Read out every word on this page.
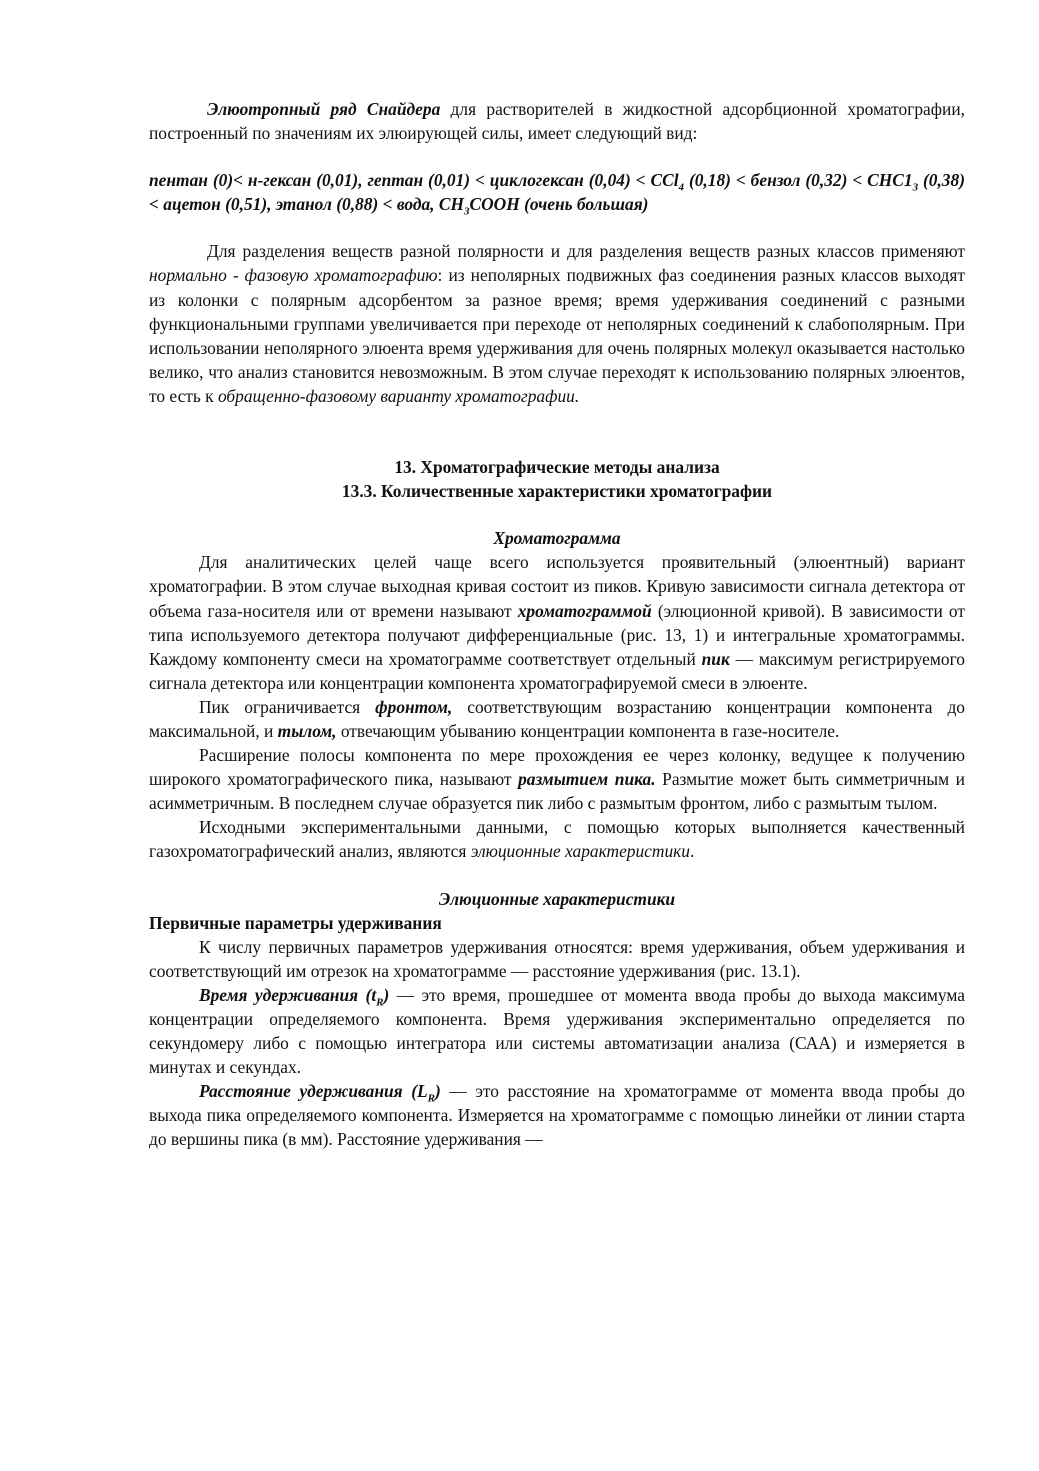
Элюотропный ряд Снайдера для растворителей в жидкостной адсорбционной хроматографии, построенный по значениям их элюирующей силы, имеет следующий вид:

пентан (0)< н-гексан (0,01), гептан (0,01) < циклогексан (0,04) < CCl$_4$ (0,18) < бензол $(0,32) < CHC1_3$ (0,38) < ацетон (0,51), этанол (0,88) < вода, $CH_3COOH$ (очень большая)

Для разделения веществ разной полярности и для разделения веществ разных классов применяют нормально - фазовую хроматографию: из неполярных подвижных фаз соединения разных классов выходят из колонки с полярным адсорбентом за разное время; время удерживания соединений с разными функциональными группами увеличивается при переходе от неполярных соединений к слабополярным. При использовании неполярного элюента время удерживания для очень полярных молекул оказывается настолько велико, что анализ становится невозможным. В этом случае переходят к использованию полярных элюентов, то есть к обращенно-фазовому варианту хроматографии.

13. Хроматографические методы анализа

13.3. Количественные характеристики хроматографии

Хроматограмма

Для аналитических целей чаще всего используется проявительный (элюентный) вариант хроматографии. В этом случае выходная кривая состоит из пиков. Кривую зависимости сигнала детектора от объема газа-носителя или от времени называют хроматограммой (элюционной кривой). В зависимости от типа используемого детектора получают дифференциальные (рис. 13, 1) и интегральные хроматограммы. Каждому компоненту смеси на хроматограмме соответствует отдельный пик — максимум регистрируемого сигнала детектора или концентрации компонента хроматографируемой смеси в элюенте.

Пик ограничивается фронтом, соответствующим возрастанию концентрации компонента до максимальной, и тылом, отвечающим убыванию концентрации компонента в газе-носителе.

Расширение полосы компонента по мере прохождения ее через колонку, ведущее к получению широкого хроматографического пика, называют размытием пика. Размытие может быть симметричным и асимметричным. В последнем случае образуется пик либо с размытым фронтом, либо с размытым тылом.

Исходными экспериментальными данными, с помощью которых выполняется качественный газохроматографический анализ, являются элюционные характеристики.

Элюционные характеристики

Первичные параметры удерживания

К числу первичных параметров удерживания относятся: время удерживания, объем удерживания и соответствующий им отрезок на хроматограмме — расстояние удерживания (рис. 13.1).

Время удерживания $(t_R)$ — это время, прошедшее от момента ввода пробы до выхода максимума концентрации определяемого компонента. Время удерживания экспериментально определяется по секундомеру либо с помощью интегратора или системы автоматизации анализа (САА) и измеряется в минутах и секундах.

Расстояние удерживания $(L_R)$ — это расстояние на хроматограмме от момента ввода пробы до выхода пика определяемого компонента. Измеряется на хроматограмме с помощью линейки от линии старта до вершины пика (в мм). Расстояние удерживания —
